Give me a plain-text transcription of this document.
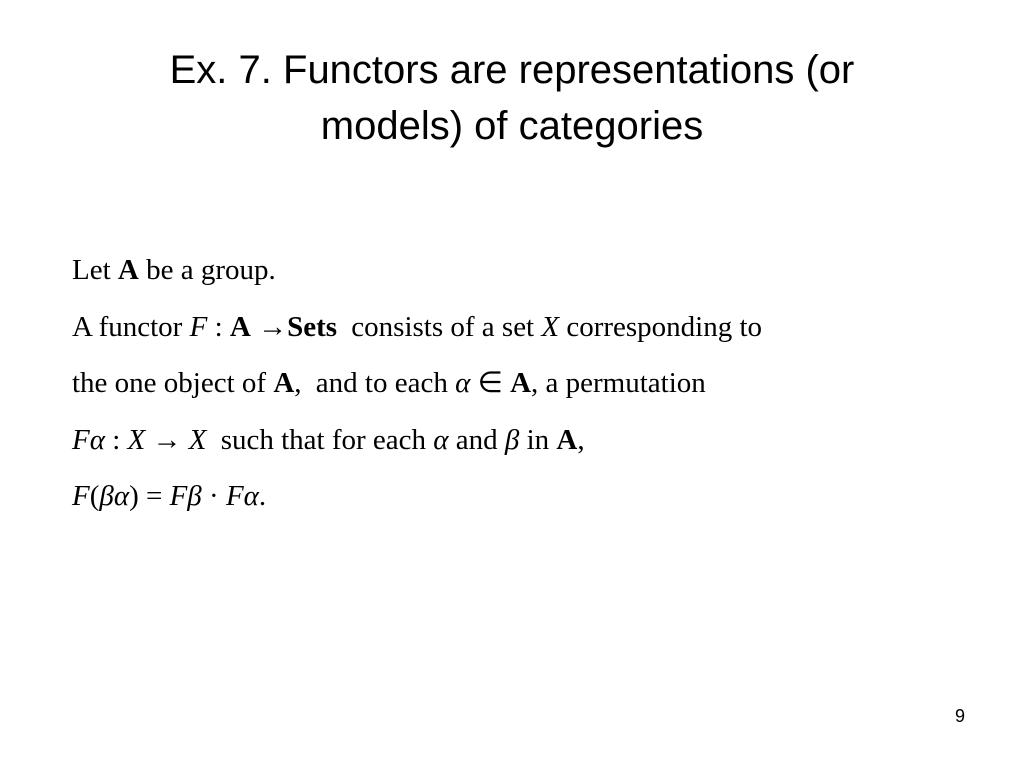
Ex. 7. Functors are representations (or
models) of categories
Let A be a group.
A functor F : A →Sets consists of a set X corresponding to
the one object of A, and to each α ∈ A, a permutation
Fα : X → X such that for each α and β in A,
F(βα) = Fβ · Fα.
9
